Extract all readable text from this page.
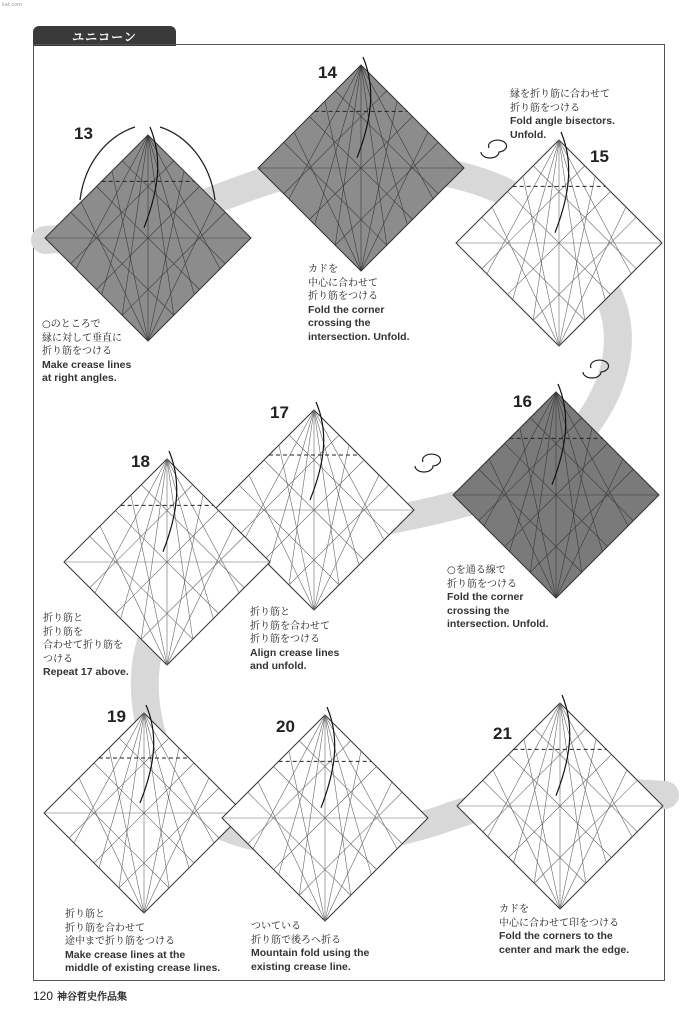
kat.com
ユニコーン
13
14
15
16
17
18
19
20	21
○のところで
縁に対して垂直に
折り筋をつける
Make crease lines
at right angles.
カドを
中心に合わせて
折り筋をつける
Fold the corner
crossing the
intersection. Unfold.
縁を折り筋に合わせて
折り筋をつける
Fold angle bisectors.
Unfold.
○を通る線で
折り筋をつける
Fold the corner
crossing the
intersection. Unfold.
折り筋と
折り筋を合わせて
折り筋をつける
Align crease lines
and unfold.
折り筋と
折り筋を
合わせて折り筋を
つける
Repeat 17 above.
折り筋と
折り筋を合わせて
途中まで折り筋をつける
Make crease lines at the
middle of existing crease lines.
ついている
折り筋で後ろへ折る
Mountain fold using the
existing crease line.
カドを
中心に合わせて印をつける
Fold the corners to the
center and mark the edge.
120 神谷哲史作品集
